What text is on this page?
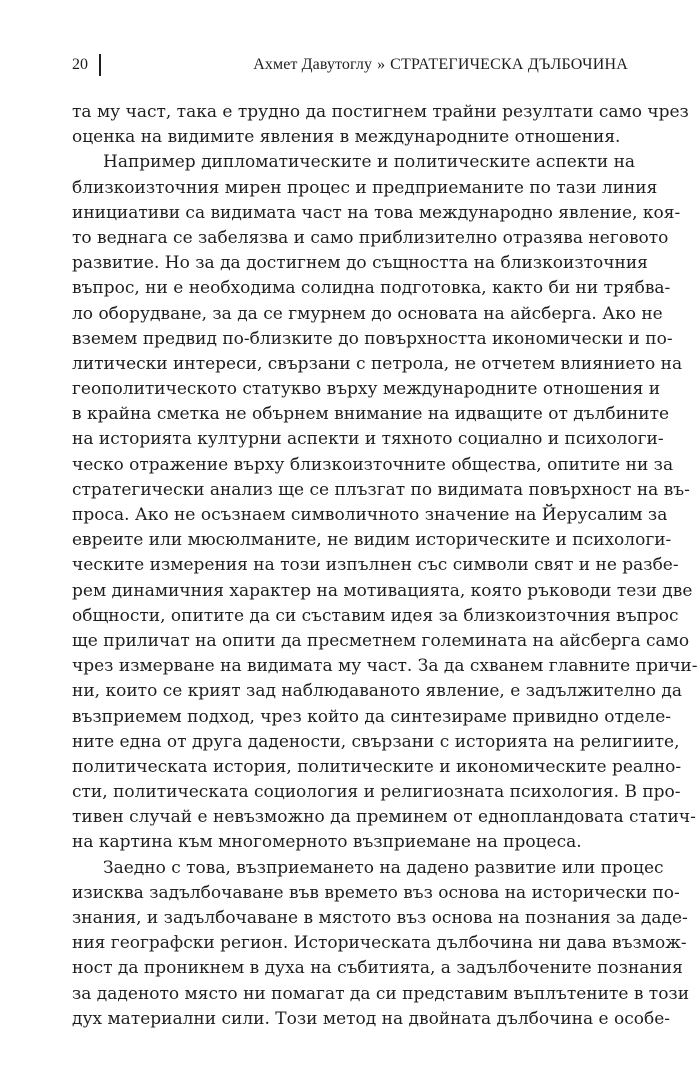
20	Ахмет Давутоглу » СТРАТЕГИЧЕСКА ДЪЛБОЧИНА
та му част, така е трудно да постигнем трайни резултати само чрез
оценка на видимите явления в международните отношения.
Например дипломатическите и политическите аспекти на
близкоизточния мирен процес и предприеманите по тази линия
инициативи са видимата част на това международно явление, коя-
то веднага се забелязва и само приблизително отразява неговото
развитие. Но за да достигнем до същността на близкоизточния
въпрос, ни е необходима солидна подготовка, както би ни трябва-
ло оборудване, за да се гмурнем до основата на айсберга. Ако не
вземем предвид по-близките до повърхността икономически и по-
литически интереси, свързани с петрола, не отчетем влиянието на
геополитическото статукво върху международните отношения и
в крайна сметка не обърнем внимание на идващите от дълбините
на историята културни аспекти и тяхното социално и психологи-
ческо отражение върху близкоизточните общества, опитите ни за
стратегически анализ ще се плъзгат по видимата повърхност на въ-
проса. Ако не осъзнаем символичното значение на Йерусалим за
евреите или мюсюлманите, не видим историческите и психологи-
ческите измерения на този изпълнен със символи свят и не разбе-
рем динамичния характер на мотивацията, която ръководи тези две
общности, опитите да си съставим идея за близкоизточния въпрос
ще приличат на опити да пресметнем големината на айсберга само
чрез измерване на видимата му част. За да схванем главните причи-
ни, които се крият зад наблюдаваното явление, е задължително да
възприемем подход, чрез който да синтезираме привидно отделе-
ните една от друга дадености, свързани с историята на религиите,
политическата история, политическите и икономическите реално-
сти, политическата социология и религиозната психология. В про-
тивен случай е невъзможно да преминем от еднопландовата статич-
на картина към многомерното възприемане на процеса.
Заедно с това, възприемането на дадено развитие или процес
изисква задълбочаване във времето въз основа на исторически по-
знания, и задълбочаване в мястото въз основа на познания за даде-
ния географски регион. Историческата дълбочина ни дава възмож-
ност да проникнем в духа на събитията, а задълбочените познания
за даденото място ни помагат да си представим въплътените в този
дух материални сили. Този метод на двойната дълбочина е особе-
